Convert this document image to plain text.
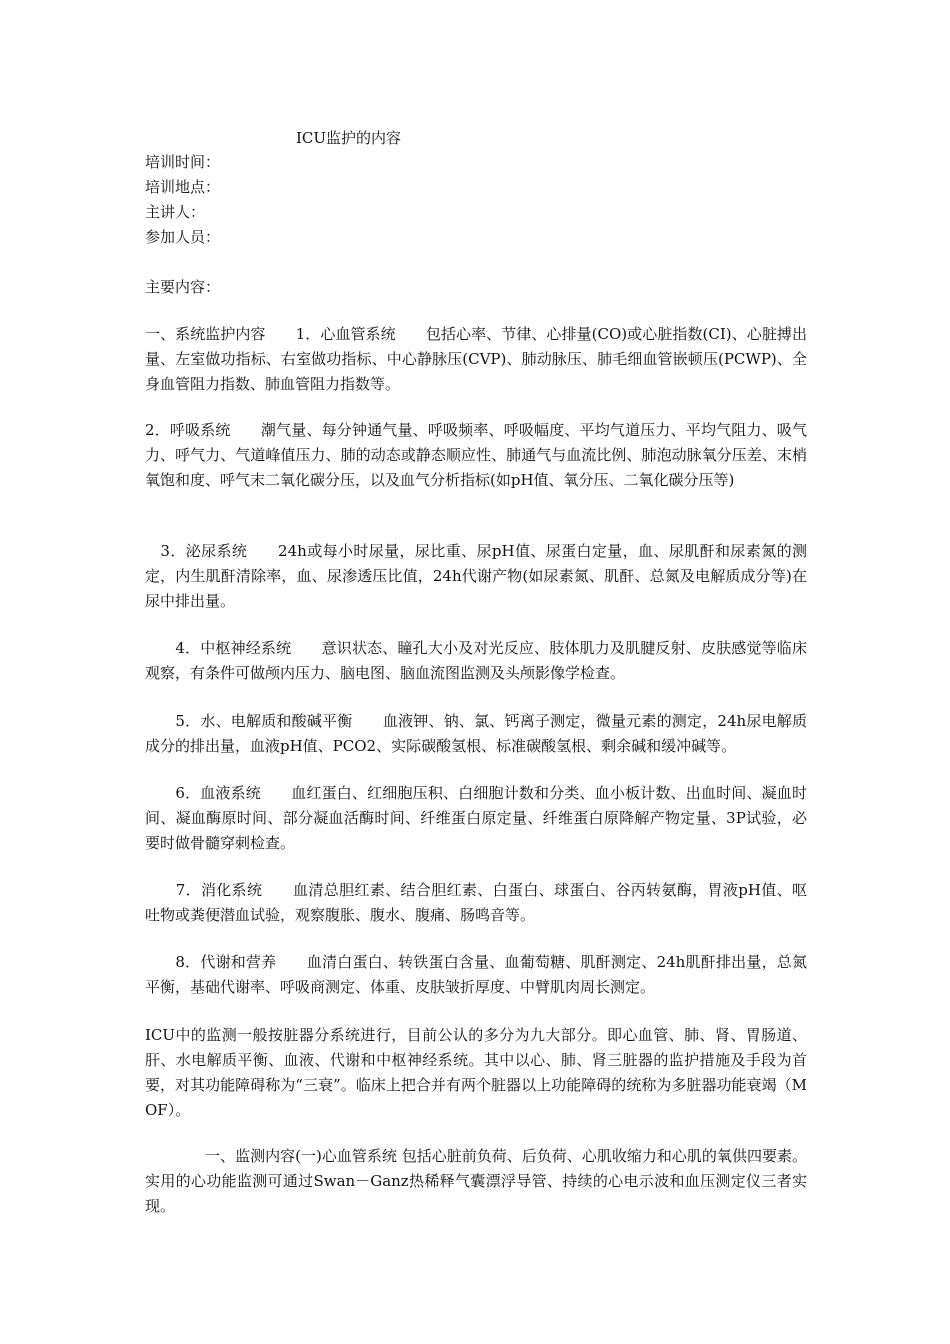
ICU监护的内容
培训时间：
培训地点：
主讲人：
参加人员：
主要内容：

一、系统监护内容　　1．心血管系统　　包括心率、节律、心排量(CO)或心脏指数(CI)、心脏搏出量、左室做功指标、右室做功指标、中心静脉压(CVP)、肺动脉压、肺毛细血管嵌顿压(PCWP)、全身血管阻力指数、肺血管阻力指数等。

2．呼吸系统　　潮气量、每分钟通气量、呼吸频率、呼吸幅度、平均气道压力、平均气阻力、吸气力、呼气力、气道峰值压力、肺的动态或静态顺应性、肺通气与血流比例、肺泡动脉氧分压差、末梢氧饱和度、呼气末二氧化碳分压，以及血气分析指标(如pH值、氧分压、二氧化碳分压等)

　3．泌尿系统　　24h或每小时尿量，尿比重、尿pH值、尿蛋白定量，血、尿肌酐和尿素氮的测定，内生肌酐清除率，血、尿渗透压比值，24h代谢产物(如尿素氮、肌酐、总氮及电解质成分等)在尿中排出量。

　　4．中枢神经系统　　意识状态、瞳孔大小及对光反应、肢体肌力及肌腱反射、皮肤感觉等临床观察，有条件可做颅内压力、脑电图、脑血流图监测及头颅影像学检查。

　　5．水、电解质和酸碱平衡　　血液钾、钠、氯、钙离子测定，微量元素的测定，24h尿电解质成分的排出量，血液pH值、PCO2、实际碳酸氢根、标准碳酸氢根、剩余碱和缓冲碱等。

　　6．血液系统　　血红蛋白、红细胞压积、白细胞计数和分类、血小板计数、出血时间、凝血时间、凝血酶原时间、部分凝血活酶时间、纤维蛋白原定量、纤维蛋白原降解产物定量、3P试验，必要时做骨髓穿刺检查。

　　7．消化系统　　血清总胆红素、结合胆红素、白蛋白、球蛋白、谷丙转氨酶，胃液pH值、呕吐物或粪便潜血试验，观察腹胀、腹水、腹痛、肠鸣音等。

　　8．代谢和营养　　血清白蛋白、转铁蛋白含量、血葡萄糖、肌酐测定、24h肌酐排出量，总氮平衡，基础代谢率、呼吸商测定、体重、皮肤皱折厚度、中臂肌肉周长测定。

ICU中的监测一般按脏器分系统进行，目前公认的多分为九大部分。即心血管、肺、肾、胃肠道、肝、水电解质平衡、血液、代谢和中枢神经系统。其中以心、肺、肾三脏器的监护措施及手段为首要，对其功能障碍称为“三衰”。临床上把合并有两个脏器以上功能障碍的统称为多脏器功能衰竭（MOF）。

　　　　一、监测内容(一)心血管系统 包括心脏前负荷、后负荷、心肌收缩力和心肌的氧供四要素。实用的心功能监测可通过Swan－Ganz热稀释气囊漂浮导管、持续的心电示波和血压测定仪三者实现。
